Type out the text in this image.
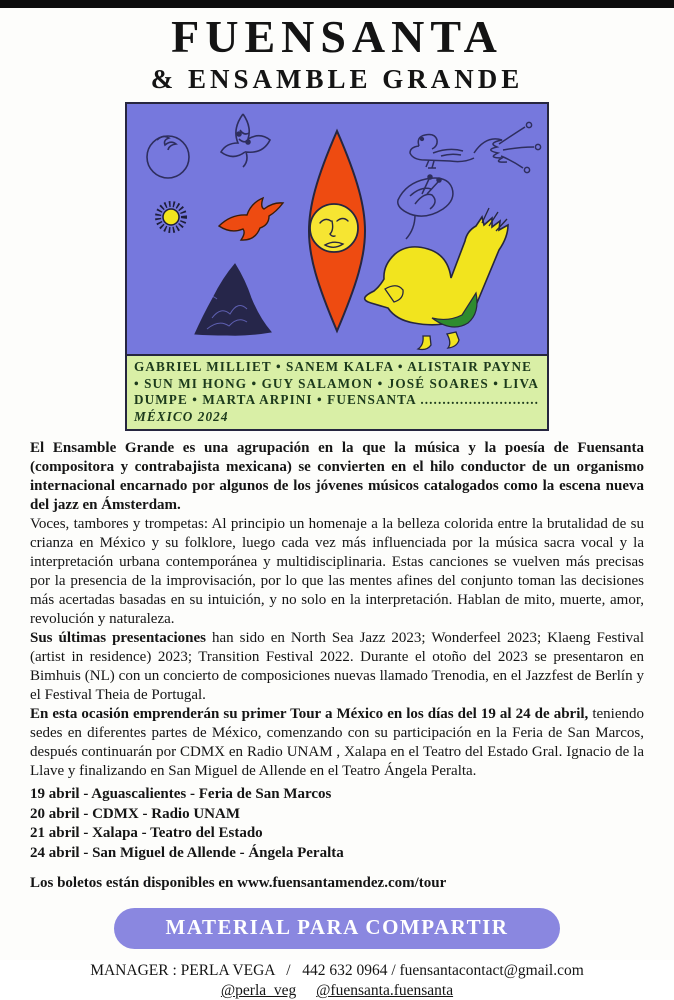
FUENSANTA
& ENSAMBLE GRANDE
GABRIEL MILLIET • SANEM KALFA • ALISTAIR PAYNE • SUN MI HONG • GUY SALAMON • JOSÉ SOARES • LIVA DUMPE • MARTA ARPINI • FUENSANTA ........................... MÉXICO 2024

El Ensamble Grande es una agrupación en la que la música y la poesía de Fuensanta (compositora y contrabajista mexicana) se convierten en el hilo conductor de un organismo internacional encarnado por algunos de los jóvenes músicos catalogados como la escena nueva del jazz en Ámsterdam.

Voces, tambores y trompetas: Al principio un homenaje a la belleza colorida entre la brutalidad de su crianza en México y su folklore, luego cada vez más influenciada por la música sacra vocal y la interpretación urbana contemporánea y multidisciplinaria. Estas canciones se vuelven más precisas por la presencia de la improvisación, por lo que las mentes afines del conjunto toman las decisiones más acertadas basadas en su intuición, y no solo en la interpretación. Hablan de mito, muerte, amor, revolución y naturaleza.

Sus últimas presentaciones han sido en North Sea Jazz 2023; Wonderfeel 2023; Klaeng Festival (artist in residence) 2023; Transition Festival 2022. Durante el otoño del 2023 se presentaron en Bimhuis (NL) con un concierto de composiciones nuevas llamado Trenodia, en el Jazzfest de Berlín y el Festival Theia de Portugal.

En esta ocasión emprenderán su primer Tour a México en los días del 19 al 24 de abril, teniendo sedes en diferentes partes de México, comenzando con su participación en la Feria de San Marcos, después continuarán por CDMX en Radio UNAM , Xalapa en el Teatro del Estado Gral. Ignacio de la Llave y finalizando en San Miguel de Allende en el Teatro Ángela Peralta.

19 abril - Aguascalientes - Feria de San Marcos

20 abril - CDMX - Radio UNAM

21 abril - Xalapa - Teatro del Estado

24 abril - San Miguel de Allende - Ángela Peralta

Los boletos están disponibles en www.fuensantamendez.com/tour

MATERIAL PARA COMPARTIR

MANAGER : PERLA VEGA   /   442 632 0964 / fuensantacontact@gmail.com

@perla_veg @fuensanta.fuensanta
